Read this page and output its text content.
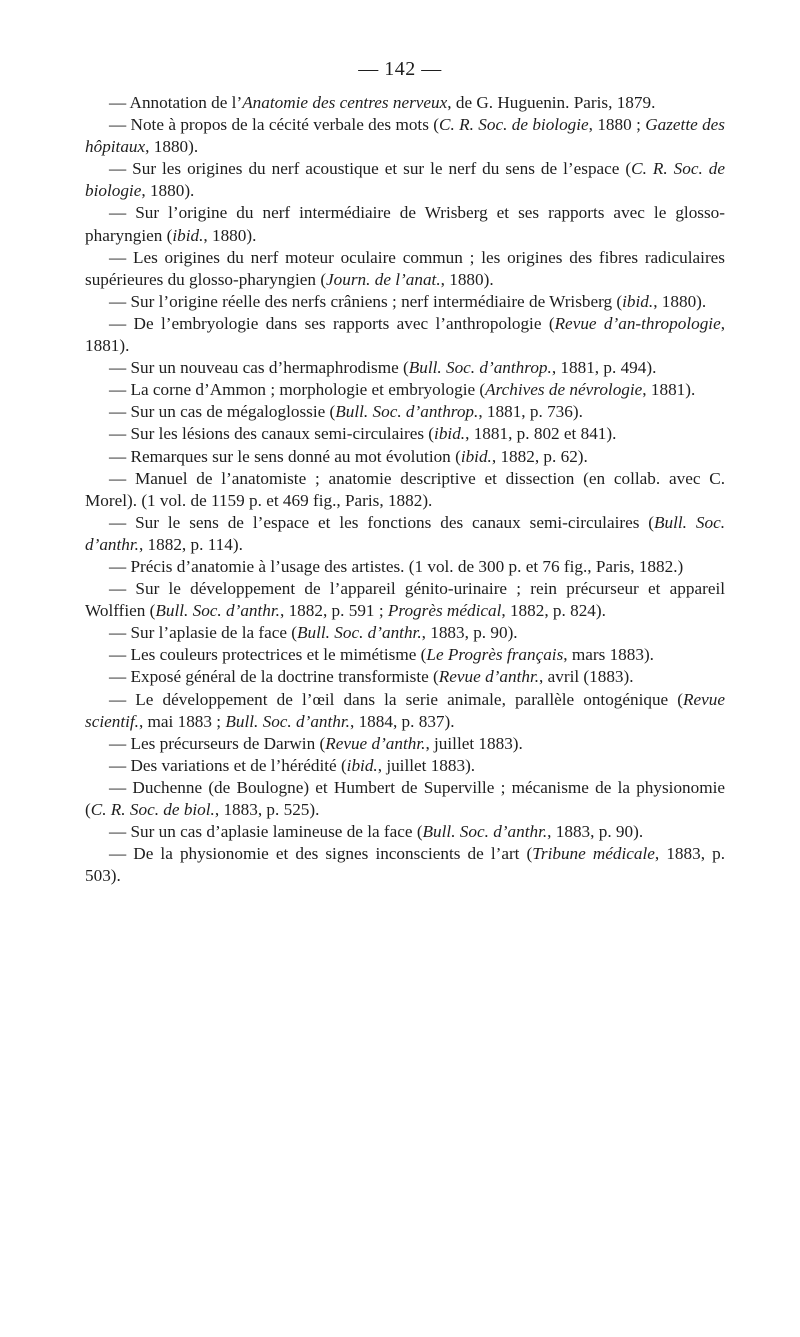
— 142 —

— Annotation de l’Anatomie des centres nerveux, de G. Huguenin. Paris, 1879.

— Note à propos de la cécité verbale des mots (C. R. Soc. de biologie, 1880 ; Gazette des hôpitaux, 1880).

— Sur les origines du nerf acoustique et sur le nerf du sens de l’espace (C. R. Soc. de biologie, 1880).

— Sur l’origine du nerf intermédiaire de Wrisberg et ses rapports avec le glosso-pharyngien (ibid., 1880).

— Les origines du nerf moteur oculaire commun ; les origines des fibres radiculaires supérieures du glosso-pharyngien (Journ. de l’anat., 1880).

— Sur l’origine réelle des nerfs crâniens ; nerf intermédiaire de Wrisberg (ibid., 1880).

— De l’embryologie dans ses rapports avec l’anthropologie (Revue d’an-thropologie, 1881).

— Sur un nouveau cas d’hermaphrodisme (Bull. Soc. d’anthrop., 1881, p. 494).

— La corne d’Ammon ; morphologie et embryologie (Archives de névrologie, 1881).

— Sur un cas de mégaloglossie (Bull. Soc. d’anthrop., 1881, p. 736).

— Sur les lésions des canaux semi-circulaires (ibid., 1881, p. 802 et 841).

— Remarques sur le sens donné au mot évolution (ibid., 1882, p. 62).

— Manuel de l’anatomiste ; anatomie descriptive et dissection (en collab. avec C. Morel). (1 vol. de 1159 p. et 469 fig., Paris, 1882).

— Sur le sens de l’espace et les fonctions des canaux semi-circulaires (Bull. Soc. d’anthr., 1882, p. 114).

— Précis d’anatomie à l’usage des artistes. (1 vol. de 300 p. et 76 fig., Paris, 1882.)

— Sur le développement de l’appareil génito-urinaire ; rein précurseur et appareil Wolffien (Bull. Soc. d’anthr., 1882, p. 591 ; Progrès médical, 1882, p. 824).

— Sur l’aplasie de la face (Bull. Soc. d’anthr., 1883, p. 90).

— Les couleurs protectrices et le mimétisme (Le Progrès français, mars 1883).

— Exposé général de la doctrine transformiste (Revue d’anthr., avril (1883).

— Le développement de l’œil dans la serie animale, parallèle ontogénique (Revue scientif., mai 1883 ; Bull. Soc. d’anthr., 1884, p. 837).

— Les précurseurs de Darwin (Revue d’anthr., juillet 1883).

— Des variations et de l’hérédité (ibid., juillet 1883).

— Duchenne (de Boulogne) et Humbert de Superville ; mécanisme de la physionomie (C. R. Soc. de biol., 1883, p. 525).

— Sur un cas d’aplasie lamineuse de la face (Bull. Soc. d’anthr., 1883, p. 90).

— De la physionomie et des signes inconscients de l’art (Tribune médicale, 1883, p. 503).
